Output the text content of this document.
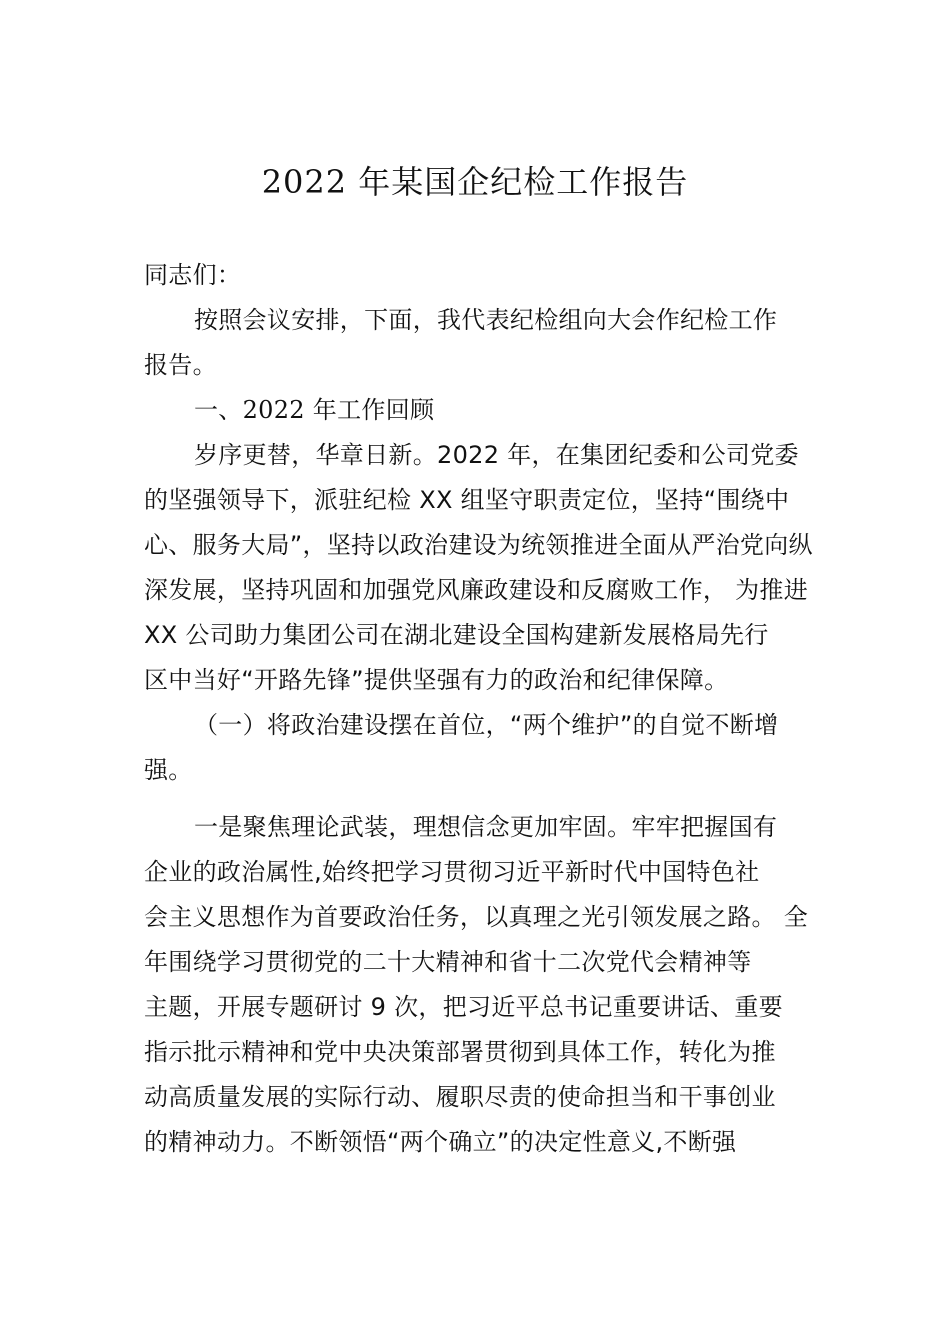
2022 年某国企纪检工作报告
同志们：
按照会议安排，下面，我代表纪检组向大会作纪检工作
报告。
一、2022 年工作回顾
岁序更替，华章日新。2022 年，在集团纪委和公司党委
的坚强领导下，派驻纪检 XX 组坚守职责定位，坚持“围绕中
心、服务大局”，坚持以政治建设为统领推进全面从严治党向纵
深发展，坚持巩固和加强党风廉政建设和反腐败工作， 为推进
XX 公司助力集团公司在湖北建设全国构建新发展格局先行
区中当好“开路先锋”提供坚强有力的政治和纪律保障。
（一）将政治建设摆在首位，“两个维护”的自觉不断增
强。
一是聚焦理论武装，理想信念更加牢固。牢牢把握国有
企业的政治属性,始终把学习贯彻习近平新时代中国特色社
会主义思想作为首要政治任务，以真理之光引领发展之路。 全
年围绕学习贯彻党的二十大精神和省十二次党代会精神等
主题，开展专题研讨 9 次，把习近平总书记重要讲话、重要
指示批示精神和党中央决策部署贯彻到具体工作，转化为推
动高质量发展的实际行动、履职尽责的使命担当和干事创业
的精神动力。不断领悟“两个确立”的决定性意义,不断强
